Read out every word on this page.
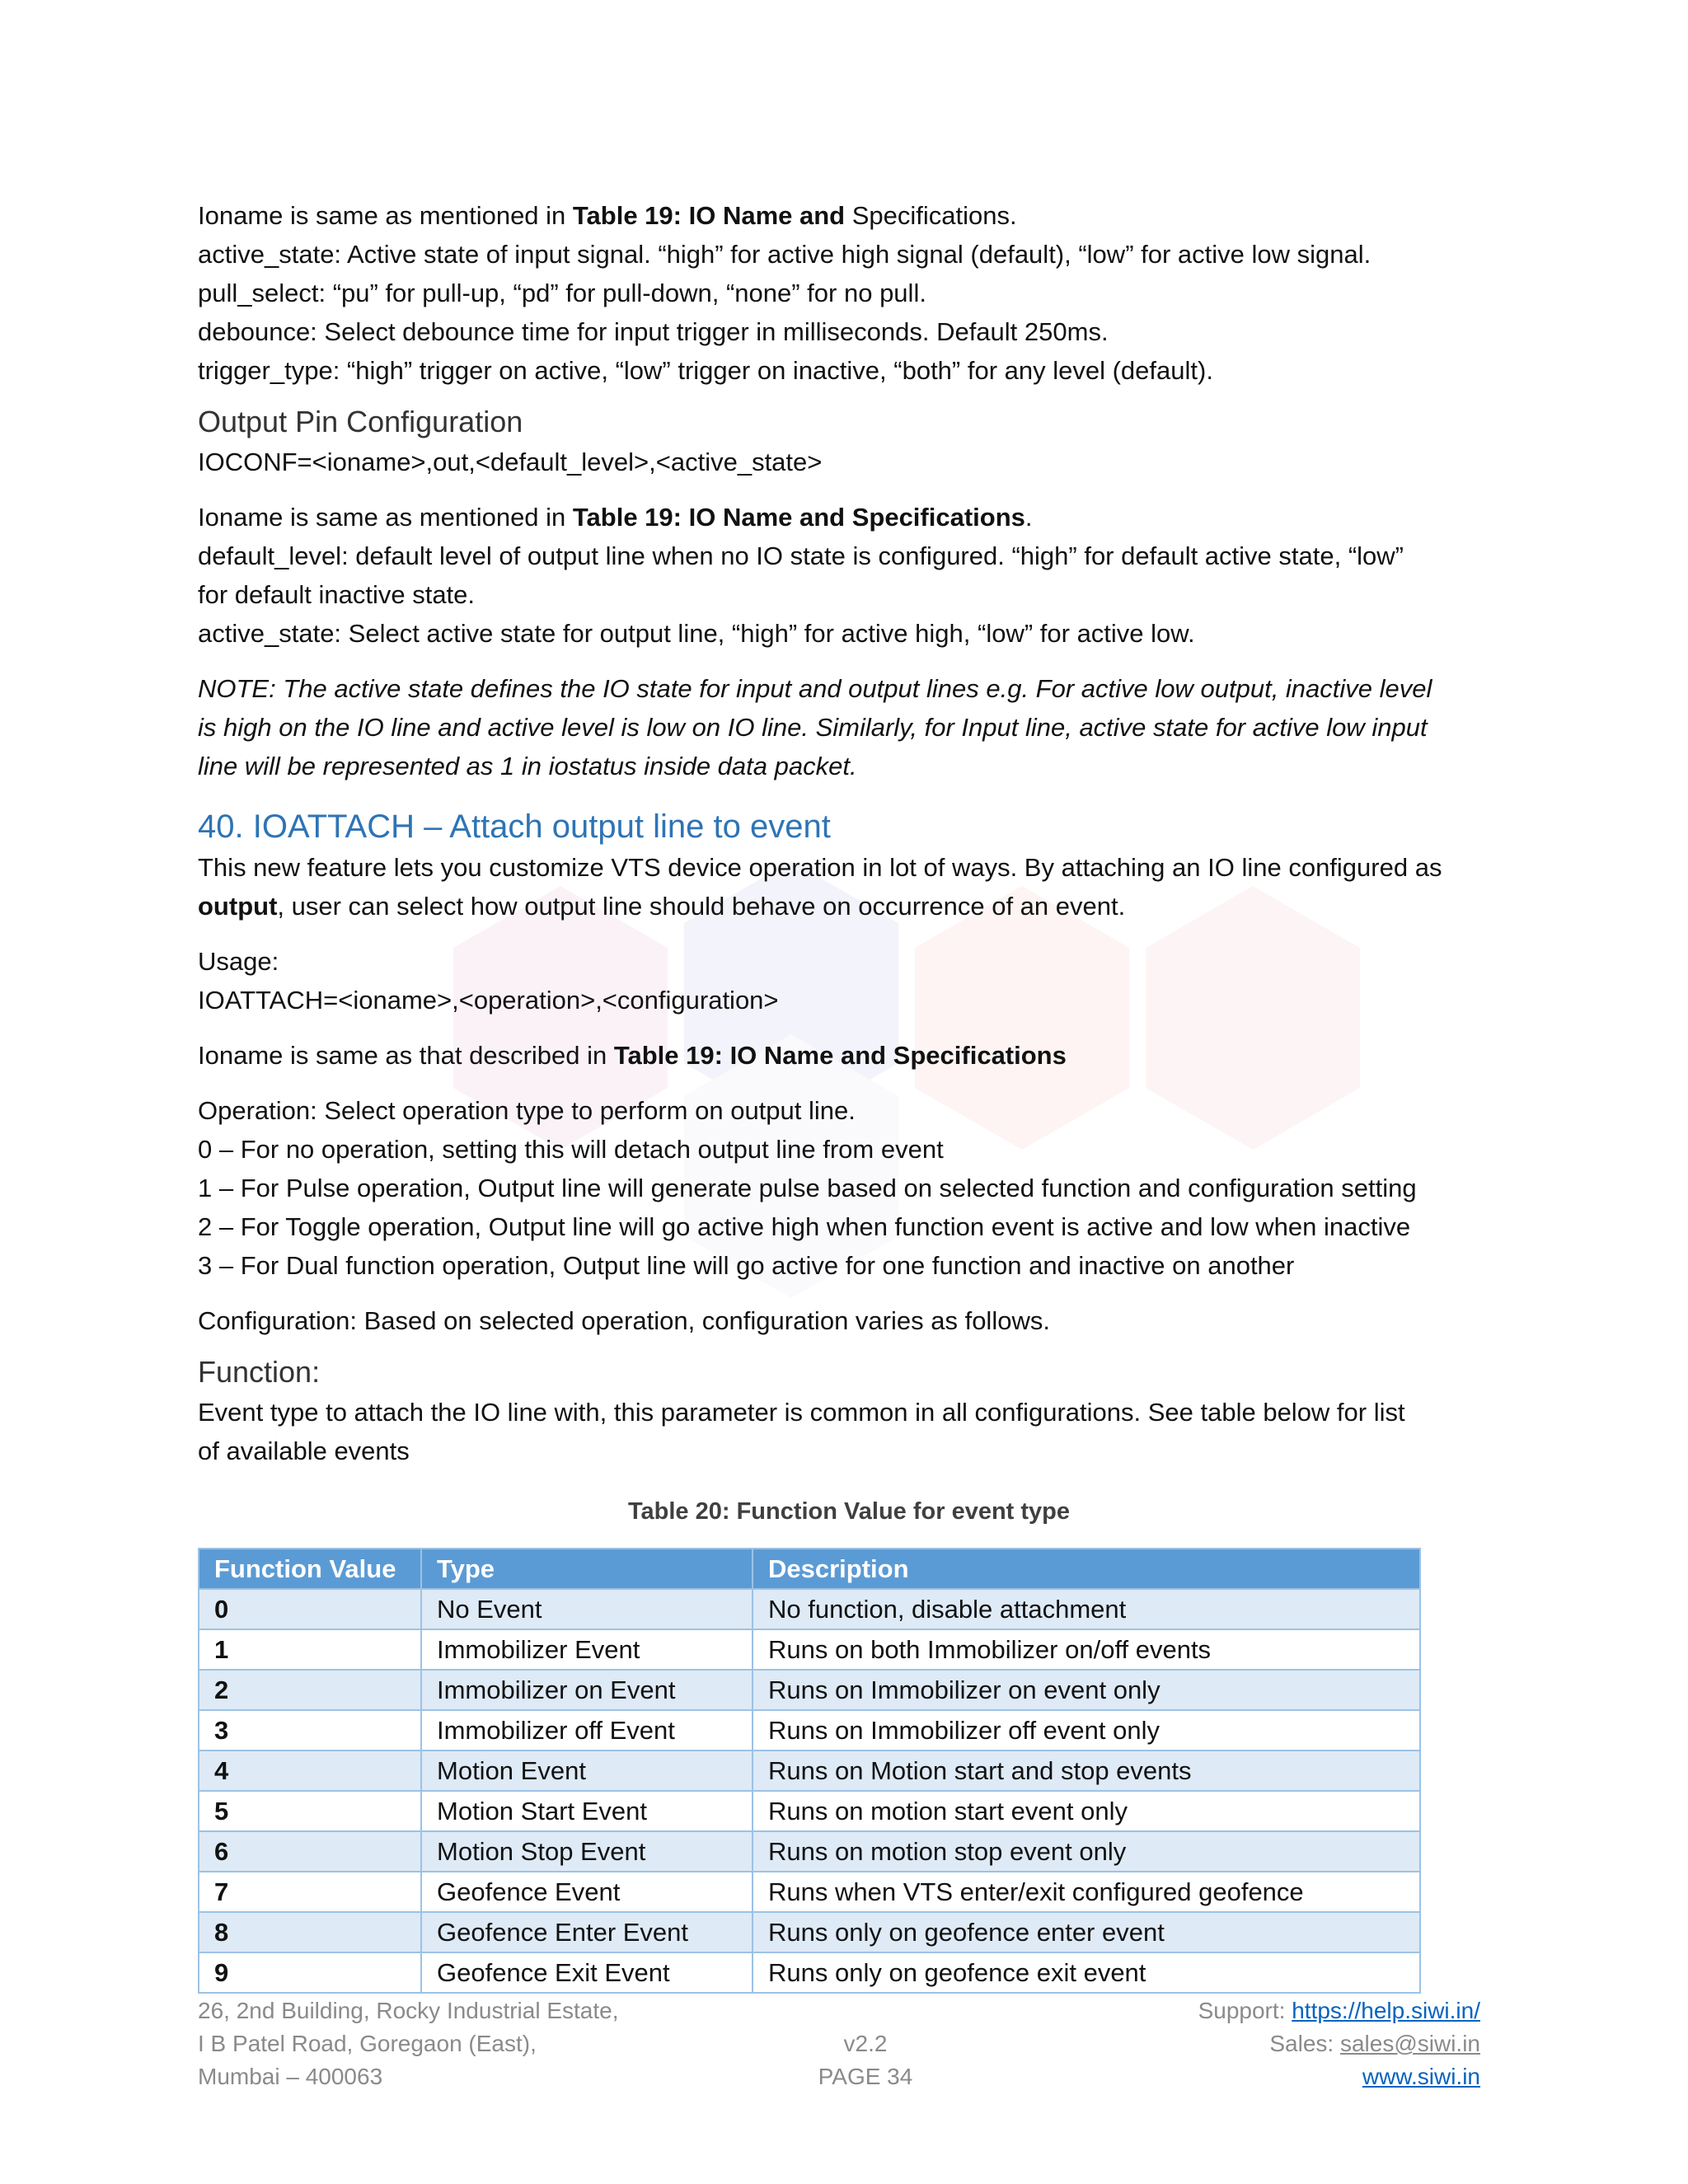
Ioname is same as mentioned in Table 19: IO Name and Specifications.
active_state: Active state of input signal. “high” for active high signal (default), “low” for active low signal.
pull_select: “pu” for pull-up, “pd” for pull-down, “none” for no pull.
debounce: Select debounce time for input trigger in milliseconds. Default 250ms.
trigger_type: “high” trigger on active, “low” trigger on inactive, “both” for any level (default).
Output Pin Configuration
IOCONF=<ioname>,out,<default_level>,<active_state>
Ioname is same as mentioned in Table 19: IO Name and Specifications.
default_level: default level of output line when no IO state is configured. “high” for default active state, “low”
for default inactive state.
active_state: Select active state for output line, “high” for active high, “low” for active low.
NOTE: The active state defines the IO state for input and output lines e.g. For active low output, inactive level
is high on the IO line and active level is low on IO line. Similarly, for Input line, active state for active low input
line will be represented as 1 in iostatus inside data packet.
40. IOATTACH – Attach output line to event
This new feature lets you customize VTS device operation in lot of ways. By attaching an IO line configured as
output, user can select how output line should behave on occurrence of an event.
Usage:
IOATTACH=<ioname>,<operation>,<configuration>
Ioname is same as that described in Table 19: IO Name and Specifications
Operation: Select operation type to perform on output line.
0 – For no operation, setting this will detach output line from event
1 – For Pulse operation, Output line will generate pulse based on selected function and configuration setting
2 – For Toggle operation, Output line will go active high when function event is active and low when inactive
3 – For Dual function operation, Output line will go active for one function and inactive on another
Configuration: Based on selected operation, configuration varies as follows.
Function:
Event type to attach the IO line with, this parameter is common in all configurations. See table below for list
of available events
Table 20: Function Value for event type
Function Value	Type	Description
0	No Event	No function, disable attachment
1	Immobilizer Event	Runs on both Immobilizer on/off events
2	Immobilizer on Event	Runs on Immobilizer on event only
3	Immobilizer off Event	Runs on Immobilizer off event only
4	Motion Event	Runs on Motion start and stop events
5	Motion Start Event	Runs on motion start event only
6	Motion Stop Event	Runs on motion stop event only
7	Geofence Event	Runs when VTS enter/exit configured geofence
8	Geofence Enter Event	Runs only on geofence enter event
9	Geofence Exit Event	Runs only on geofence exit event
26, 2nd Building, Rocky Industrial Estate,
I B Patel Road, Goregaon (East),
Mumbai – 400063

v2.2
PAGE 34
Support: https://help.siwi.in/
Sales: sales@siwi.in
www.siwi.in
